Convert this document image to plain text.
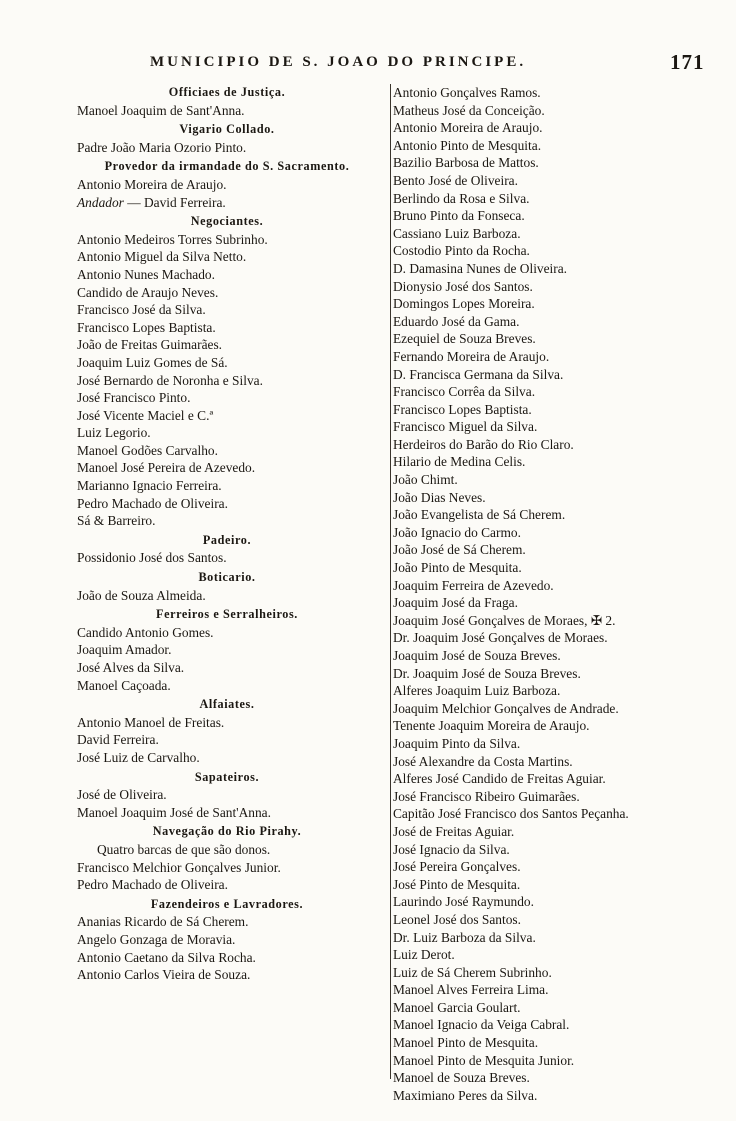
MUNICIPIO DE S. JOAO DO PRINCIPE.	171
Officiaes de Justiça.
Manoel Joaquim de Sant'Anna.
Vigario Collado.
Padre João Maria Ozorio Pinto.
Provedor da irmandade do S. Sacramento.
Antonio Moreira de Araujo.
Andador — David Ferreira.
Negociantes.
Antonio Medeiros Torres Subrinho.
Antonio Miguel da Silva Netto.
Antonio Nunes Machado.
Candido de Araujo Neves.
Francisco José da Silva.
Francisco Lopes Baptista.
João de Freitas Guimarães.
Joaquim Luiz Gomes de Sá.
José Bernardo de Noronha e Silva.
José Francisco Pinto.
José Vicente Maciel e C.ª
Luiz Legorio.
Manoel Godões Carvalho.
Manoel José Pereira de Azevedo.
Marianno Ignacio Ferreira.
Pedro Machado de Oliveira.
Sá & Barreiro.
Padeiro.
Possidonio José dos Santos.
Boticario.
João de Souza Almeida.
Ferreiros e Serralheiros.
Candido Antonio Gomes.
Joaquim Amador.
José Alves da Silva.
Manoel Caçoada.
Alfaiates.
Antonio Manoel de Freitas.
David Ferreira.
José Luiz de Carvalho.
Sapateiros.
José de Oliveira.
Manoel Joaquim José de Sant'Anna.
Navegação do Rio Pirahy.
Quatro barcas de que são donos.
Francisco Melchior Gonçalves Junior.
Pedro Machado de Oliveira.
Fazendeiros e Lavradores.
Ananias Ricardo de Sá Cherem.
Angelo Gonzaga de Moravia.
Antonio Caetano da Silva Rocha.
Antonio Carlos Vieira de Souza.
Antonio Gonçalves Ramos.
Matheus José da Conceição.
Antonio Moreira de Araujo.
Antonio Pinto de Mesquita.
Bazilio Barbosa de Mattos.
Bento José de Oliveira.
Berlindo da Rosa e Silva.
Bruno Pinto da Fonseca.
Cassiano Luiz Barboza.
Costodio Pinto da Rocha.
D. Damasina Nunes de Oliveira.
Dionysio José dos Santos.
Domingos Lopes Moreira.
Eduardo José da Gama.
Ezequiel de Souza Breves.
Fernando Moreira de Araujo.
D. Francisca Germana da Silva.
Francisco Corrêa da Silva.
Francisco Lopes Baptista.
Francisco Miguel da Silva.
Herdeiros do Barão do Rio Claro.
Hilario de Medina Celis.
João Chimt.
João Dias Neves.
João Evangelista de Sá Cherem.
João Ignacio do Carmo.
João José de Sá Cherem.
João Pinto de Mesquita.
Joaquim Ferreira de Azevedo.
Joaquim José da Fraga.
Joaquim José Gonçalves de Moraes, ✠ 2.
Dr. Joaquim José Gonçalves de Moraes.
Joaquim José de Souza Breves.
Dr. Joaquim José de Souza Breves.
Alferes Joaquim Luiz Barboza.
Joaquim Melchior Gonçalves de Andrade.
Tenente Joaquim Moreira de Araujo.
Joaquim Pinto da Silva.
José Alexandre da Costa Martins.
Alferes José Candido de Freitas Aguiar.
José Francisco Ribeiro Guimarães.
Capitão José Francisco dos Santos Peçanha.
José de Freitas Aguiar.
José Ignacio da Silva.
José Pereira Gonçalves.
José Pinto de Mesquita.
Laurindo José Raymundo.
Leonel José dos Santos.
Dr. Luiz Barboza da Silva.
Luiz Derot.
Luiz de Sá Cherem Subrinho.
Manoel Alves Ferreira Lima.
Manoel Garcia Goulart.
Manoel Ignacio da Veiga Cabral.
Manoel Pinto de Mesquita.
Manoel Pinto de Mesquita Junior.
Manoel de Souza Breves.
Maximiano Peres da Silva.
